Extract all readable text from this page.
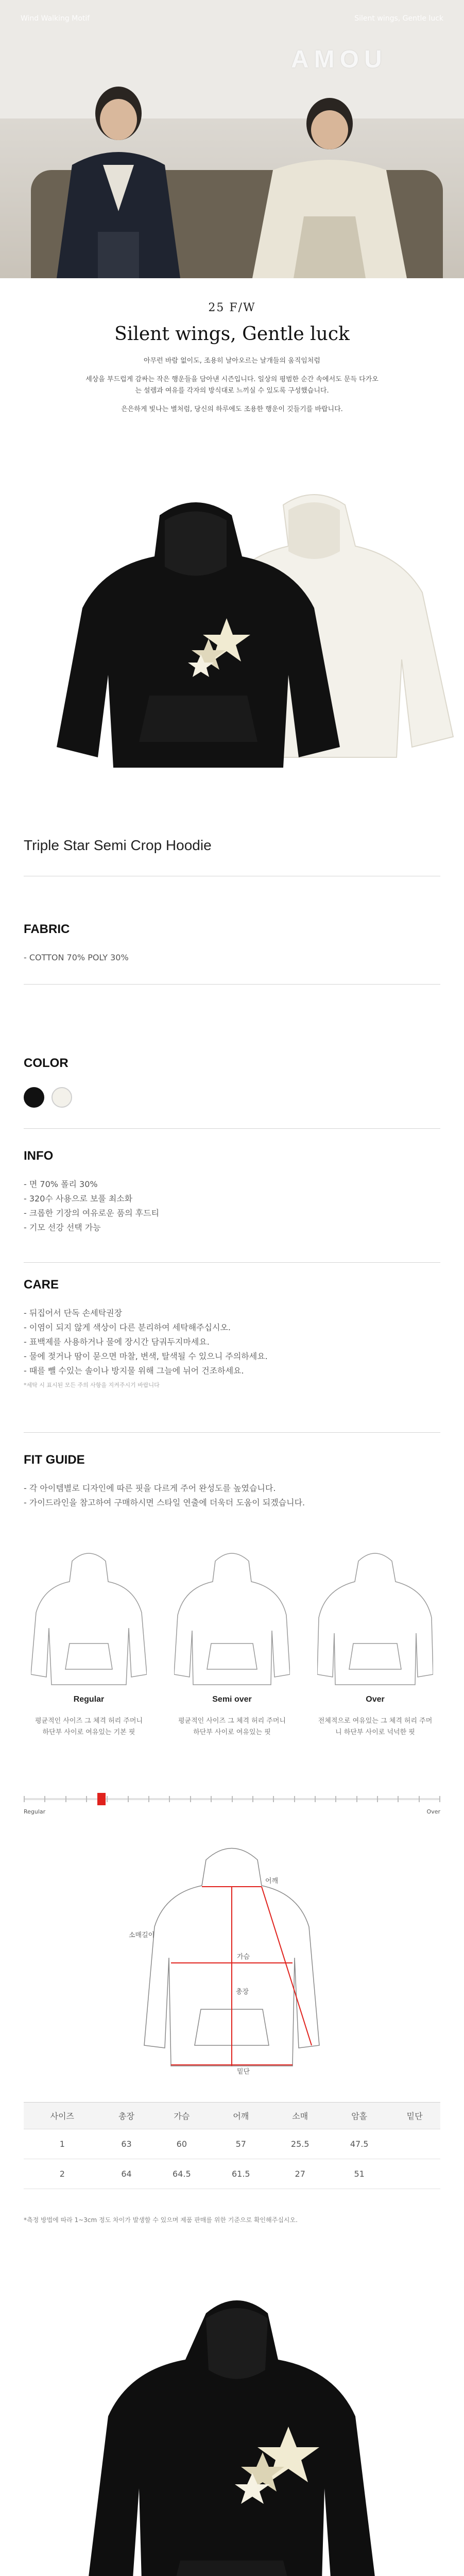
Wind Walking Motif	Silent wings, Gentle luck
AMOU
25 F/W
Silent wings, Gentle luck

아무런 바람 없이도, 조용히 날아오르는 날개들의 움직임처럼

세상을 부드럽게 감싸는 작은 행운들을 담아낸 시즌입니다. 일상의 평범한 순간 속에서도 문득 다가오는 설렘과 여유를 각자의 방식대로 느끼실 수 있도록 구성했습니다.

은은하게 빛나는 별처럼, 당신의 하루에도 조용한 행운이 깃들기를 바랍니다.

Triple Star Semi Crop Hoodie
FABRIC
- COTTON 70% POLY 30%
COLOR
INFO
- 면 70% 폴리 30%
- 320수 사용으로 보풀 최소화
- 크롭한 기장의 여유로운 품의 후드티
- 기모 선강 선택 가능
CARE
- 뒤집어서 단독 손세탁권장
- 이염이 되지 않게 색상이 다른 분리하여 세탁해주십시오.
- 표백제를 사용하거나 물에 장시간 담궈두지마세요.
- 물에 젖거나 땀이 묻으면 마찰, 변색, 탈색될 수 있으니 주의하세요.
- 때를 뺄 수있는 솔이나 방지물 위해 그늘에 뉘어 건조하세요.
*세탁 시 표시된 모든 주의 사항을 지켜주시기 바랍니다
FIT GUIDE
- 각 아이템별로 디자인에 따른 핏을 다르게 주어 완성도를 높였습니다.
- 가이드라인을 참고하여 구매하시면 스타일 연출에 더욱더 도움이 되겠습니다.
Regular	Semi over	Over
평균적인 사이즈 그 체격 허리 주머니 하단부 사이로 여유있는 기본 핏
평균적인 사이즈 그 체격 허리 주머니 하단부 사이로 여유있는 핏
전체적으로 여유있는 그 체격 허리 주머니 하단부 사이로 넉넉한 핏
Regular	Over
어깨
가슴
소매길이
총장
밑단
사이즈	총장	가슴	어깨	소매	암홀	밑단
1	63	60	57	25.5	47.5	
2	64	64.5	61.5	27	51	
*측정 방법에 따라 1~3cm 정도 차이가 발생할 수 있으며 제품 판매를 위한 기준으로 확인해주십시오.
